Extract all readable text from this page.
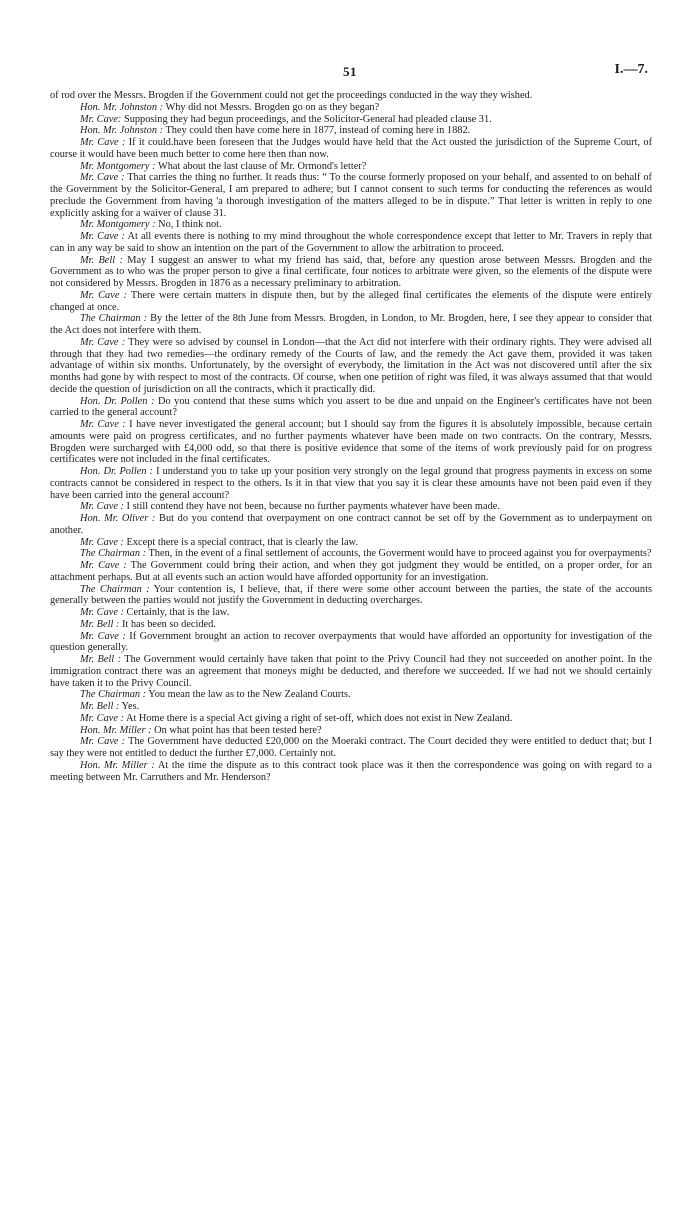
51	I.—7.

of rod over the Messrs. Brogden if the Government could not get the proceedings conducted in the way they wished.

Hon. Mr. Johnston : Why did not Messrs. Brogden go on as they began?

Mr. Cave: Supposing they had begun proceedings, and the Solicitor-General had pleaded clause 31.

Hon. Mr. Johnston : They could then have come here in 1877, instead of coming here in 1882.

Mr. Cave : If it could.have been foreseen that the Judges would have held that the Act ousted the jurisdiction of the Supreme Court, of course it would have been much better to come here then than now.

Mr. Montgomery : What about the last clause of Mr. Ormond's letter?

Mr. Cave : That carries the thing no further. It reads thus: “ To the course formerly proposed on your behalf, and assented to on behalf of the Government by the Solicitor-General, I am prepared to adhere; but I cannot consent to such terms for conducting the references as would preclude the Government from having 'a thorough investigation of the matters alleged to be in dispute.” That letter is written in reply to one explicitly asking for a waiver of clause 31.

Mr. Montgomery : No, I think not.

Mr. Cave : At all events there is nothing to my mind throughout the whole correspondence except that letter to Mr. Travers in reply that can in any way be said to show an intention on the part of the Government to allow the arbitration to proceed.

Mr. Bell : May I suggest an answer to what my friend has said, that, before any question arose between Messrs. Brogden and the Government as to who was the proper person to give a final certificate, four notices to arbitrate were given, so the elements of the dispute were not considered by Messrs. Brogden in 1876 as a necessary preliminary to arbitration.

Mr. Cave : There were certain matters in dispute then, but by the alleged final certificates the elements of the dispute were entirely changed at once.

The Chairman : By the letter of the 8th June from Messrs. Brogden, in London, to Mr. Brogden, here, I see they appear to consider that the Act does not interfere with them.

Mr. Cave : They were so advised by counsel in London—that the Act did not interfere with their ordinary rights. They were advised all through that they had two remedies—the ordinary remedy of the Courts of law, and the remedy the Act gave them, provided it was taken advantage of within six months. Unfortunately, by the oversight of everybody, the limitation in the Act was not discovered until after the six months had gone by with respect to most of the contracts. Of course, when one petition of right was filed, it was always assumed that that would decide the question of jurisdiction on all the contracts, which it practically did.

Hon. Dr. Pollen : Do you contend that these sums which you assert to be due and unpaid on the Engineer's certificates have not been carried to the general account?

Mr. Cave : I have never investigated the general account; but I should say from the figures it is absolutely impossible, because certain amounts were paid on progress certificates, and no further payments whatever have been made on two contracts. On the contrary, Messrs. Brogden were surcharged with £4,000 odd, so that there is positive evidence that some of the items of work previously paid for on progress certificates were not included in the final certificates.

Hon. Dr. Pollen : I understand you to take up your position very strongly on the legal ground that progress payments in excess on some contracts cannot be considered in respect to the others. Is it in that view that you say it is clear these amounts have not been paid even if they have been carried into the general account?

Mr. Cave : I still contend they have not been, because no further payments whatever have been made.

Hon. Mr. Oliver : But do you contend that overpayment on one contract cannot be set off by the Government as to underpayment on another.

Mr. Cave : Except there is a special contract, that is clearly the law.

The Chairman : Then, in the event of a final settlement of accounts, the Goverment would have to proceed against you for overpayments?

Mr. Cave : The Government could bring their action, and when they got judgment they would be entitled, on a proper order, for an attachment perhaps. But at all events such an action would have afforded opportunity for an investigation.

The Chairman : Your contention is, I believe, that, if there were some other account between the parties, the state of the accounts generally between the parties would not justify the Government in deducting overcharges.

Mr. Cave : Certainly, that is the law.

Mr. Bell : It has been so decided.

Mr. Cave : If Government brought an action to recover overpayments that would have afforded an opportunity for investigation of the question generally.

Mr. Bell : The Government would certainly have taken that point to the Privy Council had they not succeeded on another point. In the immigration contract there was an agreement that moneys might be deducted, and therefore we succeeded. If we had not we should certainly have taken it to the Privy Council.

The Chairman : You mean the law as to the New Zealand Courts.

Mr. Bell : Yes.

Mr. Cave : At Home there is a special Act giving a right of set-off, which does not exist in New Zealand.

Hon. Mr. Miller : On what point has that been tested here?

Mr. Cave : The Government have deducted £20,000 on the Moeraki contract. The Court decided they were entitled to deduct that; but I say they were not entitled to deduct the further £7,000. Certainly not.

Hon. Mr. Miller : At the time the dispute as to this contract took place was it then the correspondence was going on with regard to a meeting between Mr. Carruthers and Mr. Henderson?
